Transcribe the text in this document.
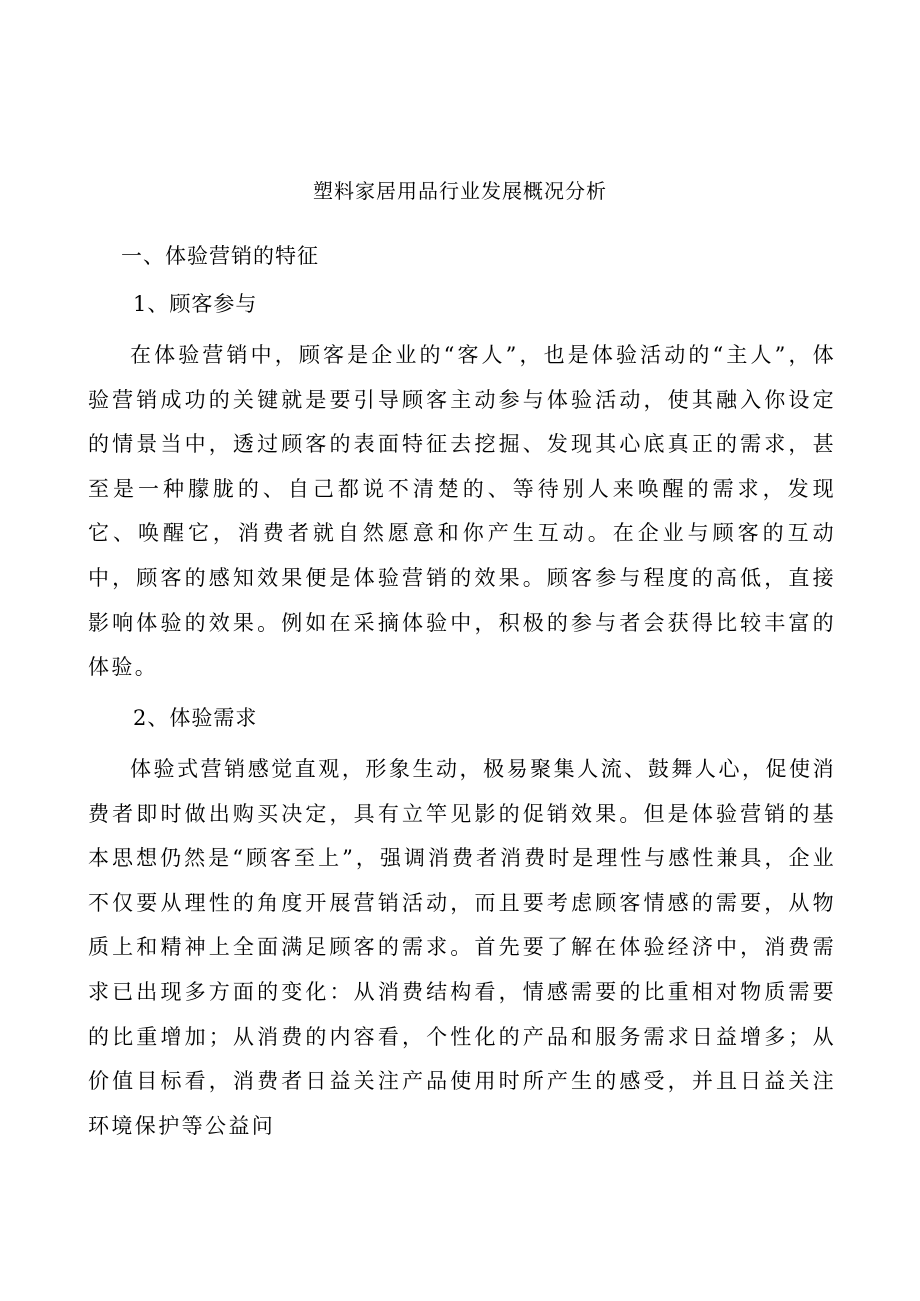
塑料家居用品行业发展概况分析
一、体验营销的特征
1、顾客参与
在体验营销中，顾客是企业的“客人”，也是体验活动的“主人”，体验营销成功的关键就是要引导顾客主动参与体验活动，使其融入你设定的情景当中，透过顾客的表面特征去挖掘、发现其心底真正的需求，甚至是一种朦胧的、自己都说不清楚的、等待别人来唤醒的需求，发现它、唤醒它，消费者就自然愿意和你产生互动。在企业与顾客的互动中，顾客的感知效果便是体验营销的效果。顾客参与程度的高低，直接影响体验的效果。例如在采摘体验中，积极的参与者会获得比较丰富的体验。
2、体验需求
体验式营销感觉直观，形象生动，极易聚集人流、鼓舞人心，促使消费者即时做出购买决定，具有立竿见影的促销效果。但是体验营销的基本思想仍然是“顾客至上”，强调消费者消费时是理性与感性兼具，企业不仅要从理性的角度开展营销活动，而且要考虑顾客情感的需要，从物质上和精神上全面满足顾客的需求。首先要了解在体验经济中，消费需求已出现多方面的变化：从消费结构看，情感需要的比重相对物质需要的比重增加；从消费的内容看，个性化的产品和服务需求日益增多；从价值目标看，消费者日益关注产品使用时所产生的感受，并且日益关注环境保护等公益问
